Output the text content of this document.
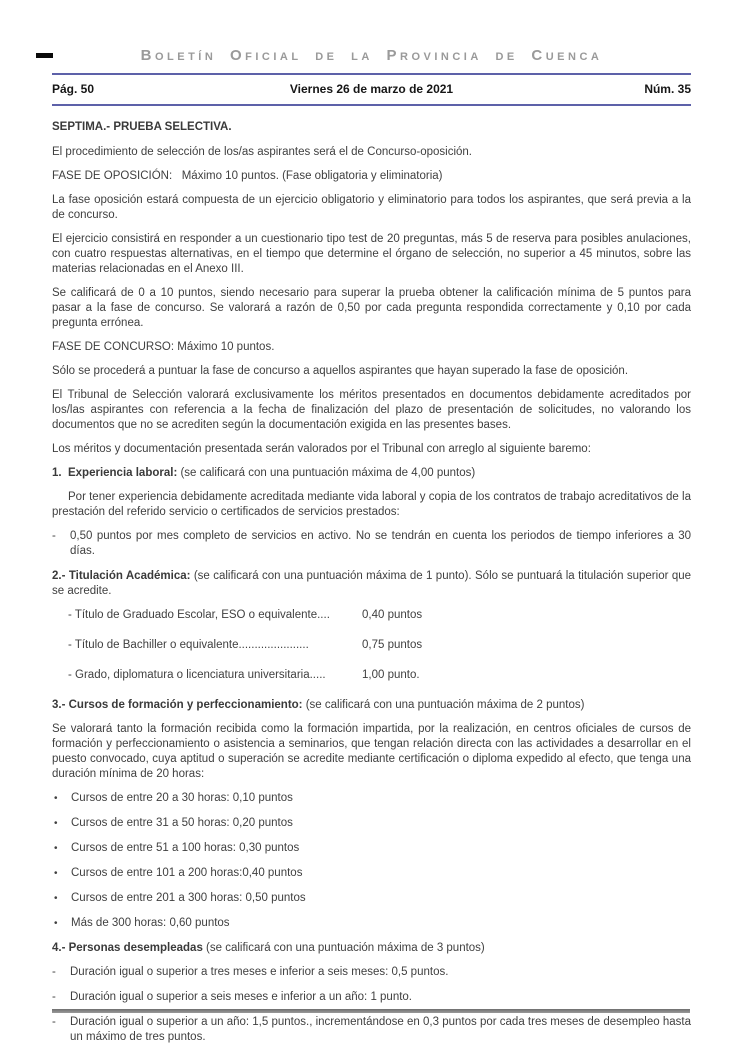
Boletín Oficial de la Provincia de Cuenca
Pág. 50	Viernes 26 de marzo de 2021	Núm. 35

SEPTIMA.- PRUEBA SELECTIVA.

El procedimiento de selección de los/as aspirantes será el de Concurso-oposición.

FASE DE OPOSICIÓN:   Máximo 10 puntos. (Fase obligatoria y eliminatoria)

La fase oposición estará compuesta de un ejercicio obligatorio y eliminatorio para todos los aspirantes, que será previa a la de concurso.

El ejercicio consistirá en responder a un cuestionario tipo test de 20 preguntas, más 5 de reserva para posibles anulaciones, con cuatro respuestas alternativas, en el tiempo que determine el órgano de selección, no superior a 45 minutos, sobre las materias relacionadas en el Anexo III.

Se calificará de 0 a 10 puntos, siendo necesario para superar la prueba obtener la calificación mínima de 5 puntos para pasar a la fase de concurso. Se valorará a razón de 0,50 por cada pregunta respondida correctamente y 0,10 por cada pregunta errónea.

FASE DE CONCURSO: Máximo 10 puntos.

Sólo se procederá a puntuar la fase de concurso a aquellos aspirantes que hayan superado la fase de oposición.

El Tribunal de Selección valorará exclusivamente los méritos presentados en documentos debidamente acreditados por los/las aspirantes con referencia a la fecha de finalización del plazo de presentación de solicitudes, no valorando los documentos que no se acrediten según la documentación exigida en las presentes bases.

Los méritos y documentación presentada serán valorados por el Tribunal con arreglo al siguiente baremo:

1.  Experiencia laboral: (se calificará con una puntuación máxima de 4,00 puntos)

Por tener experiencia debidamente acreditada mediante vida laboral y copia de los contratos de trabajo acreditativos de la prestación del referido servicio o certificados de servicios prestados:

-	0,50 puntos por mes completo de servicios en activo. No se tendrán en cuenta los periodos de tiempo inferiores a 30 días.

2.- Titulación Académica: (se calificará con una puntuación máxima de 1 punto). Sólo se puntuará la titulación superior que se acredite.

- Título de Graduado Escolar, ESO o equivalente....	0,40 puntos
- Título de Bachiller o equivalente......................	0,75 puntos
- Grado, diplomatura o licenciatura universitaria.....	1,00 punto.

3.- Cursos de formación y perfeccionamiento: (se calificará con una puntuación máxima de 2 puntos)

Se valorará tanto la formación recibida como la formación impartida, por la realización, en centros oficiales de cursos de formación y perfeccionamiento o asistencia a seminarios, que tengan relación directa con las actividades a desarrollar en el puesto convocado, cuya aptitud o superación se acredite mediante certificación o diploma expedido al efecto, que tenga una duración mínima de 20 horas:

•	Cursos de entre 20 a 30 horas: 0,10 puntos
•	Cursos de entre 31 a 50 horas: 0,20 puntos
•	Cursos de entre 51 a 100 horas: 0,30 puntos
•	Cursos de entre 101 a 200 horas:0,40 puntos
•	Cursos de entre 201 a 300 horas: 0,50 puntos
•	Más de 300 horas: 0,60 puntos

4.- Personas desempleadas (se calificará con una puntuación máxima de 3 puntos)

-	Duración igual o superior a tres meses e inferior a seis meses: 0,5 puntos.
-	Duración igual o superior a seis meses e inferior a un año: 1 punto.
-	Duración igual o superior a un año: 1,5 puntos., incrementándose en 0,3 puntos por cada tres meses de desempleo hasta un máximo de tres puntos.
